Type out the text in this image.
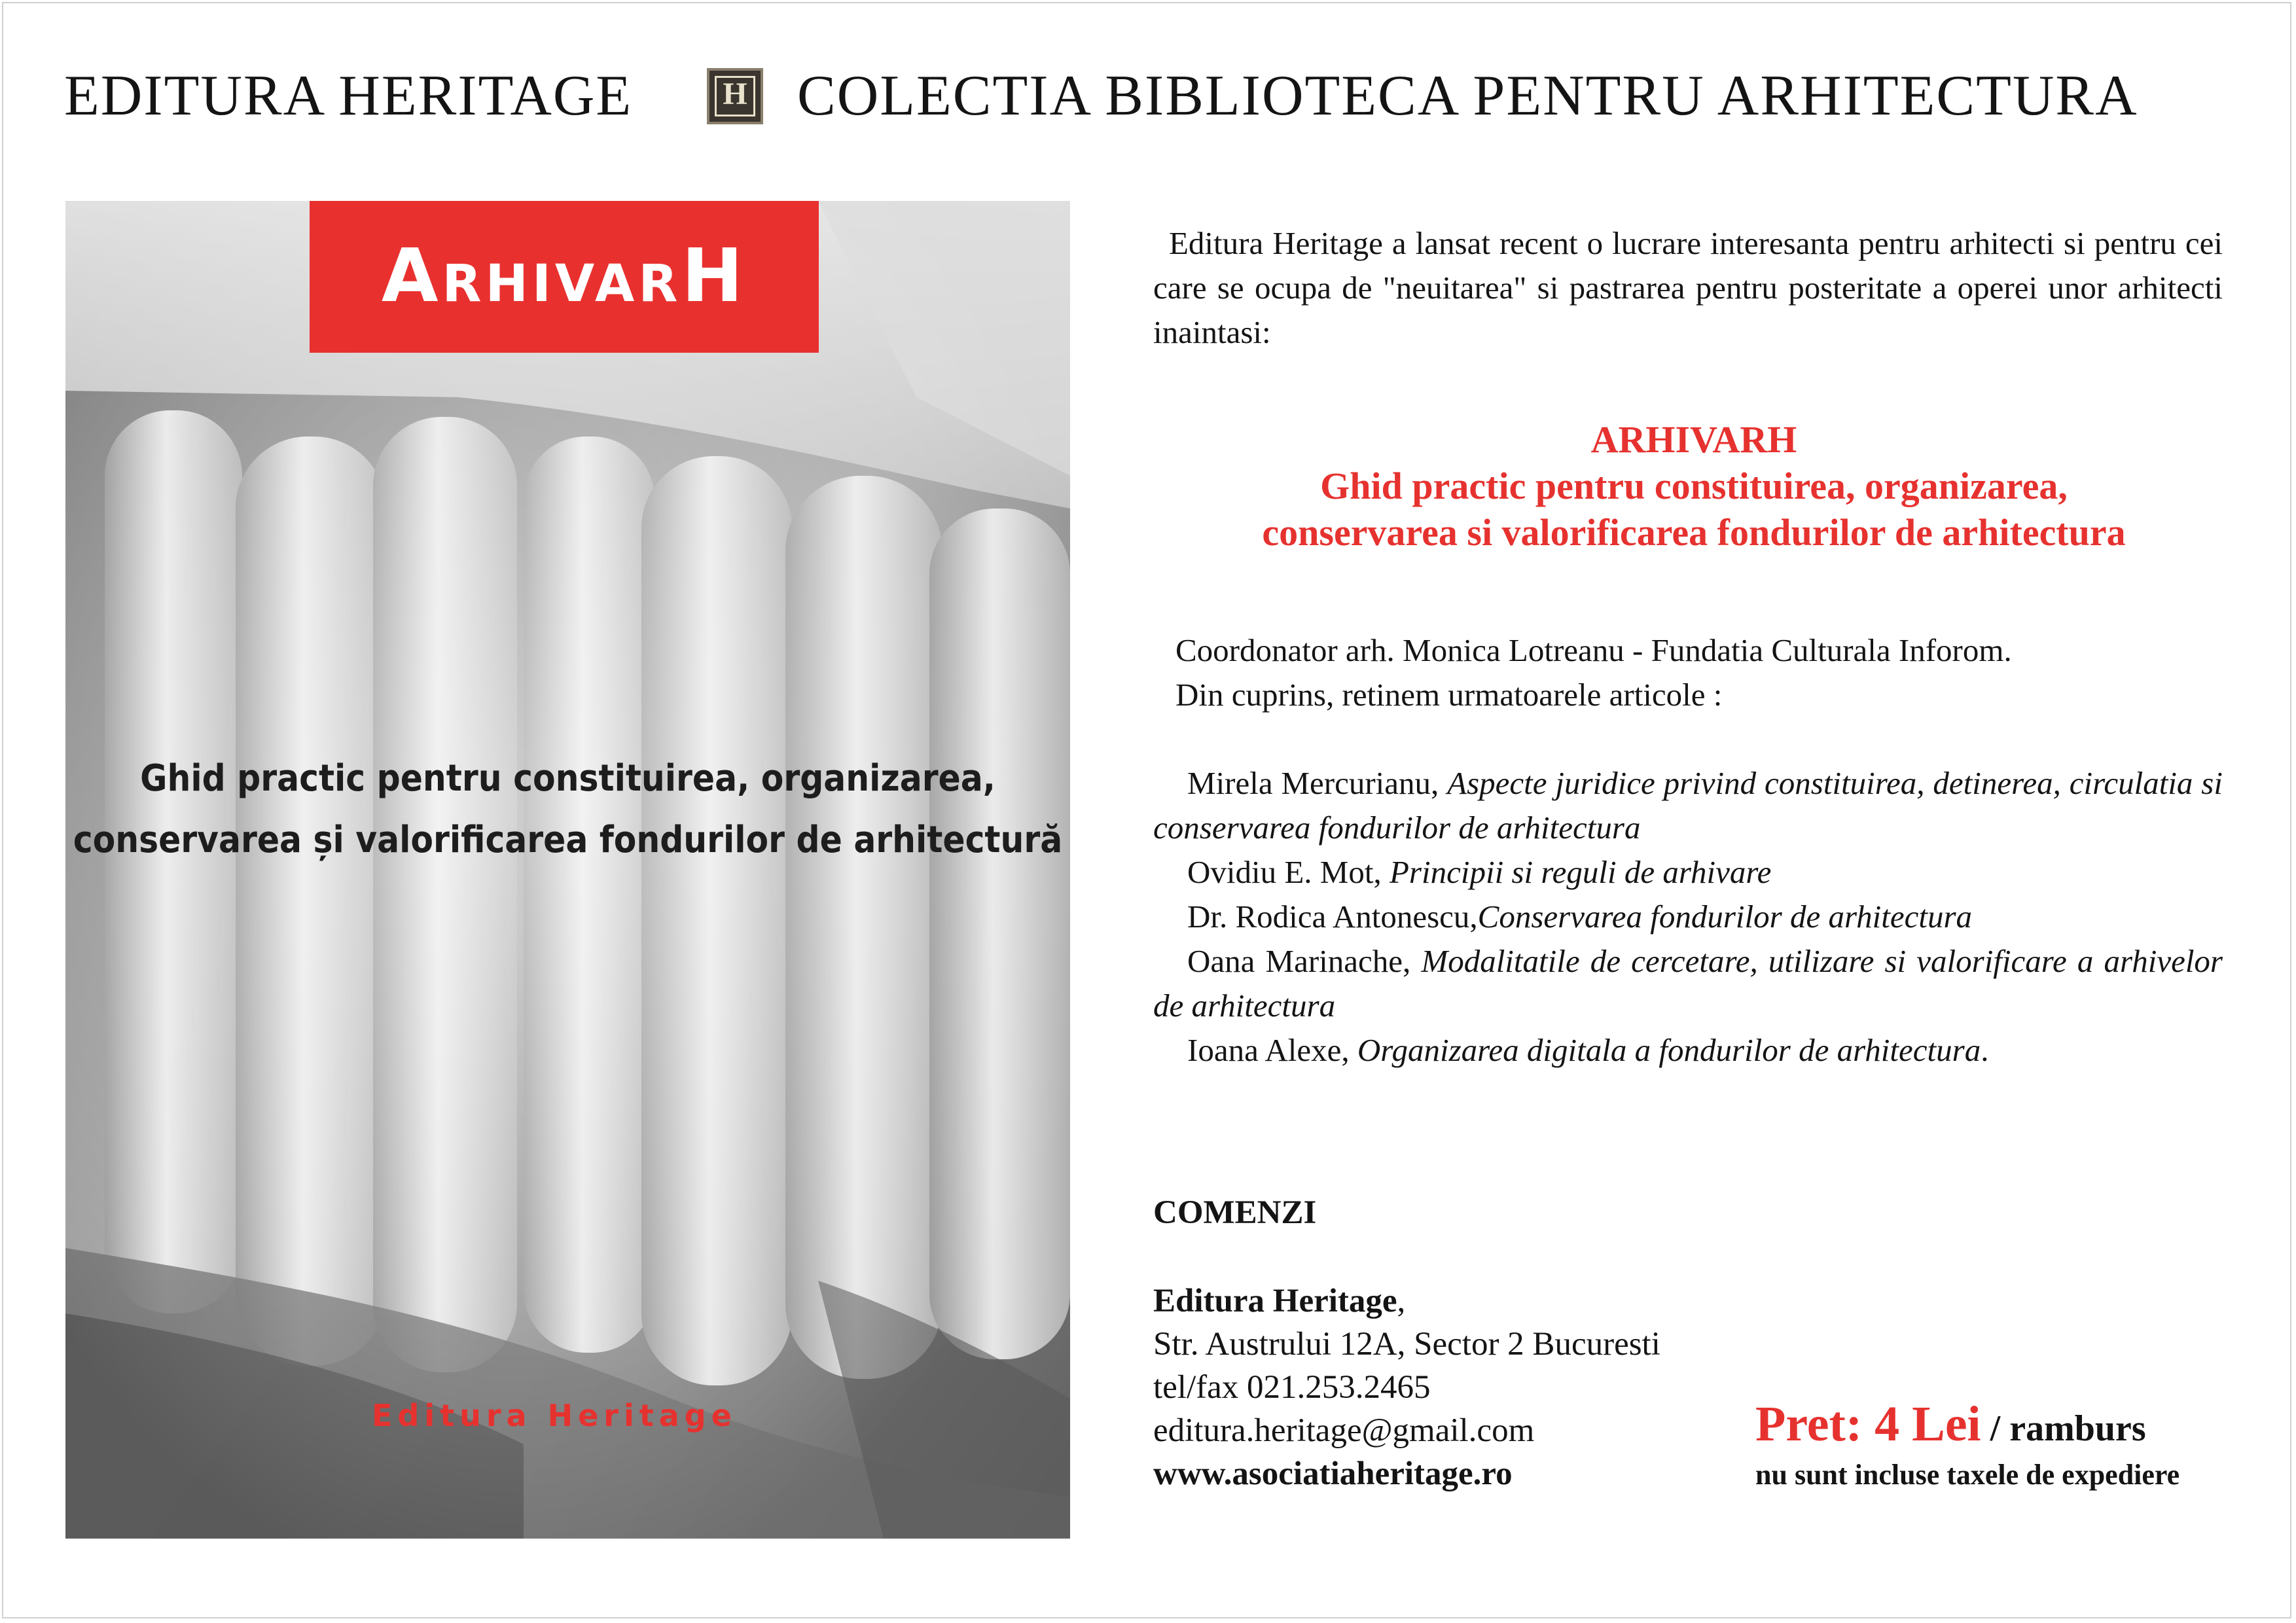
EDITURA HERITAGE	H COLECTIA BIBLIOTECA PENTRU ARHITECTURA
ArhivarH
Ghid practic pentru constituirea, organizarea,
conservarea și valorificarea fondurilor de arhitectură
Editura Heritage
Editura Heritage a lansat recent o lucrare interesanta pentru arhitecti si pentru cei care se ocupa de "neuitarea" si pastrarea pentru posteritate a operei unor arhitecti inaintasi:
ARHIVARH
Ghid practic pentru constituirea, organizarea,
conservarea si valorificarea fondurilor de arhitectura
Coordonator arh. Monica Lotreanu - Fundatia Culturala Inforom.
Din cuprins, retinem urmatoarele articole :
Mirela Mercurianu, Aspecte juridice privind constituirea, detinerea, circulatia si conservarea fondurilor de arhitectura
Ovidiu E. Mot, Principii si reguli de arhivare
Dr. Rodica Antonescu,Conservarea fondurilor de arhitectura
Oana Marinache, Modalitatile de cercetare, utilizare si valorificare a arhivelor de arhitectura
Ioana Alexe, Organizarea digitala a fondurilor de arhitectura.
COMENZI
Editura Heritage,
Str. Austrului 12A, Sector 2 Bucuresti
tel/fax 021.253.2465
editura.heritage@gmail.com
www.asociatiaheritage.ro
Pret: 4 Lei / ramburs
nu sunt incluse taxele de expediere
